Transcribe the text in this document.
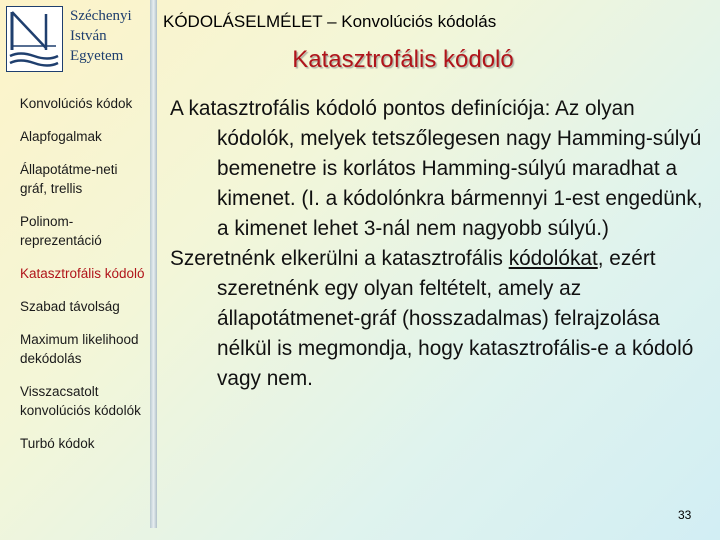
Széchenyi
István
Egyetem
Konvolúciós kódok
Alapfogalmak
Állapotátme-neti gráf, trellis
Polinom-reprezentáció
Katasztrofális kódoló
Szabad távolság
Maximum likelihood dekódolás
Visszacsatolt konvolúciós kódolók
Turbó kódok
KÓDOLÁSELMÉLET – Konvolúciós kódolás
Katasztrofális kódoló

A katasztrofális kódoló pontos definíciója: Az olyan kódolók, melyek tetszőlegesen nagy Hamming-súlyú bemenetre is korlátos Hamming-súlyú maradhat a kimenet. (I. a kódolónkra bármennyi 1-est engedünk, a kimenet lehet 3-nál nem nagyobb súlyú.)

Szeretnénk elkerülni a katasztrofális kódolókat, ezért szeretnénk egy olyan feltételt, amely az állapotátmenet-gráf (hosszadalmas) felrajzolása nélkül is megmondja, hogy katasztrofális-e a kódoló vagy nem.

33
